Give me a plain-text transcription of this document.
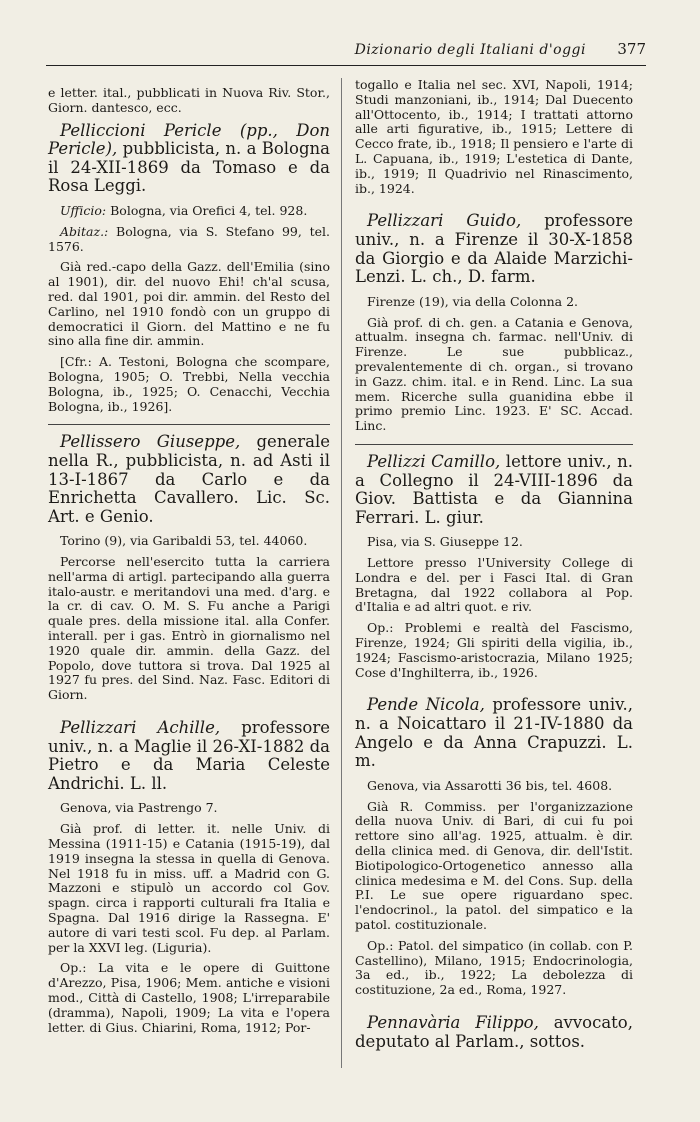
Dizionario degli Italiani d'oggi 377

e letter. ital., pubblicati in Nuova Riv. Stor., Giorn. dantesco, ecc.

Pelliccioni Pericle (pp., Don Pericle), pubblicista, n. a Bologna il 24-XII-1869 da Tomaso e da Rosa Leggi.

Ufficio: Bologna, via Orefici 4, tel. 928.

Abitaz.: Bologna, via S. Stefano 99, tel. 1576.

Già red.-capo della Gazz. dell'Emilia (sino al 1901), dir. del nuovo Ehi! ch'al scusa, red. dal 1901, poi dir. ammin. del Resto del Carlino, nel 1910 fondò con un gruppo di democratici il Giorn. del Mattino e ne fu sino alla fine dir. ammin.

[Cfr.: A. Testoni, Bologna che scompare, Bologna, 1905; O. Trebbi, Nella vecchia Bologna, ib., 1925; O. Cenacchi, Vecchia Bologna, ib., 1926].

Pellissero Giuseppe, generale nella R., pubblicista, n. ad Asti il 13-I-1867 da Carlo e da Enrichetta Cavallero. Lic. Sc. Art. e Genio.

Torino (9), via Garibaldi 53, tel. 44060.

Percorse nell'esercito tutta la carriera nell'arma di artigl. partecipando alla guerra italo-austr. e meritandovi una med. d'arg. e la cr. di cav. O. M. S. Fu anche a Parigi quale pres. della missione ital. alla Confer. interall. per i gas. Entrò in giornalismo nel 1920 quale dir. ammin. della Gazz. del Popolo, dove tuttora si trova. Dal 1925 al 1927 fu pres. del Sind. Naz. Fasc. Editori di Giorn.

Pellizzari Achille, professore univ., n. a Maglie il 26-XI-1882 da Pietro e da Maria Celeste Andrichi. L. ll.

Genova, via Pastrengo 7.

Già prof. di letter. it. nelle Univ. di Messina (1911-15) e Catania (1915-19), dal 1919 insegna la stessa in quella di Genova. Nel 1918 fu in miss. uff. a Madrid con G. Mazzoni e stipulò un accordo col Gov. spagn. circa i rapporti culturali fra Italia e Spagna. Dal 1916 dirige la Rassegna. E' autore di vari testi scol. Fu dep. al Parlam. per la XXVI leg. (Liguria).

Op.: La vita e le opere di Guittone d'Arezzo, Pisa, 1906; Mem. antiche e visioni mod., Città di Castello, 1908; L'irreparabile (dramma), Napoli, 1909; La vita e l'opera letter. di Gius. Chiarini, Roma, 1912; Por-

togallo e Italia nel sec. XVI, Napoli, 1914; Studi manzoniani, ib., 1914; Dal Duecento all'Ottocento, ib., 1914; I trattati attorno alle arti figurative, ib., 1915; Lettere di Cecco frate, ib., 1918; Il pensiero e l'arte di L. Capuana, ib., 1919; L'estetica di Dante, ib., 1919; Il Quadrivio nel Rinascimento, ib., 1924.

Pellizzari Guido, professore univ., n. a Firenze il 30-X-1858 da Giorgio e da Alaide Marzichi-Lenzi. L. ch., D. farm.

Firenze (19), via della Colonna 2.

Già prof. di ch. gen. a Catania e Genova, attualm. insegna ch. farmac. nell'Univ. di Firenze. Le sue pubblicaz., prevalentemente di ch. organ., si trovano in Gazz. chim. ital. e in Rend. Linc. La sua mem. Ricerche sulla guanidina ebbe il primo premio Linc. 1923. E' SC. Accad. Linc.

Pellizzi Camillo, lettore univ., n. a Collegno il 24-VIII-1896 da Giov. Battista e da Giannina Ferrari. L. giur.

Pisa, via S. Giuseppe 12.

Lettore presso l'University College di Londra e del. per i Fasci Ital. di Gran Bretagna, dal 1922 collabora al Pop. d'Italia e ad altri quot. e riv.

Op.: Problemi e realtà del Fascismo, Firenze, 1924; Gli spiriti della vigilia, ib., 1924; Fascismo-aristocrazia, Milano 1925; Cose d'Inghilterra, ib., 1926.

Pende Nicola, professore univ., n. a Noicattaro il 21-IV-1880 da Angelo e da Anna Crapuzzi. L. m.

Genova, via Assarotti 36 bis, tel. 4608.

Già R. Commiss. per l'organizzazione della nuova Univ. di Bari, di cui fu poi rettore sino all'ag. 1925, attualm. è dir. della clinica med. di Genova, dir. dell'Istit. Biotipologico-Ortogenetico annesso alla clinica medesima e M. del Cons. Sup. della P.I. Le sue opere riguardano spec. l'endocrinol., la patol. del simpatico e la patol. costituzionale.

Op.: Patol. del simpatico (in collab. con P. Castellino), Milano, 1915; Endocrinologia, 3a ed., ib., 1922; La debolezza di costituzione, 2a ed., Roma, 1927.

Pennavària Filippo, avvocato, deputato al Parlam., sottos.
